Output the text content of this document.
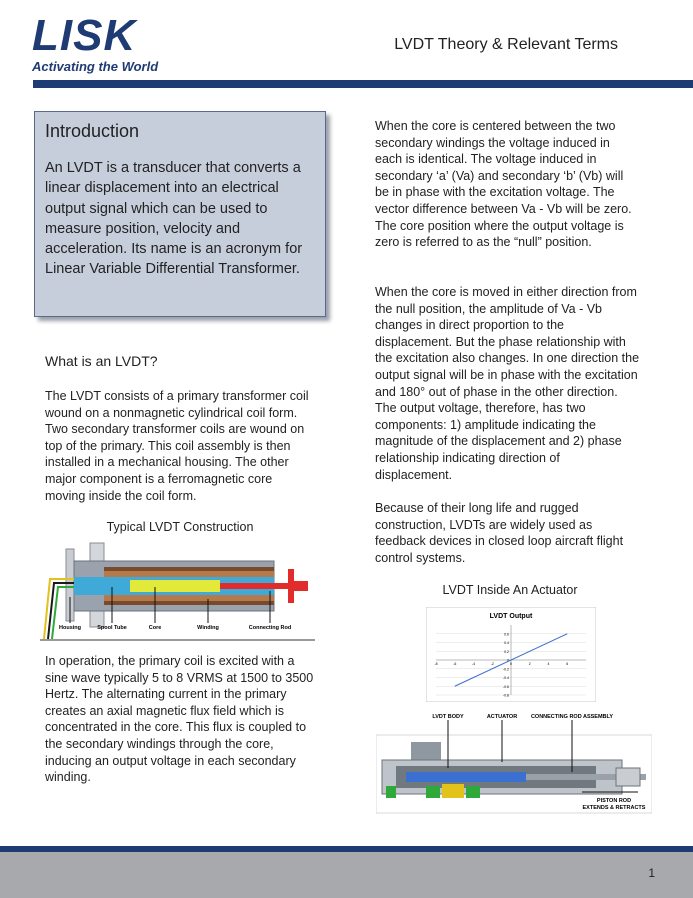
LISK
Activating the World
LVDT Theory & Relevant Terms
Introduction
An LVDT is a transducer that converts a linear displacement into an electrical output signal which can be used to measure position, velocity and acceleration. Its name is an acronym for Linear Variable Differential Transformer.
What is an LVDT?

The LVDT consists of a primary transformer coil wound on a nonmagnetic cylindrical coil form. Two secondary transformer coils are wound on top of the primary. This coil assembly is then installed in a mechanical housing. The other major component is a ferromagnetic core moving inside the coil form.

Typical LVDT Construction
Housing	Spool Tube	Core	Winding	Connecting Rod

In operation, the primary coil is excited with a sine wave typically 5 to 8 VRMS at 1500 to 3500 Hertz. The alternating current in the primary creates an axial magnetic flux field which is concentrated in the core. This flux is coupled to the secondary windings through the core, inducing an output voltage in each secondary winding.

When the core is centered between the two secondary windings the voltage induced in each is identical. The voltage induced in secondary ‘a’ (Va) and secondary ‘b’ (Vb) will be in phase with the excitation voltage. The vector difference between Va - Vb will be zero. The core position where the output voltage is zero is referred to as the “null” position.

When the core is moved in either direction from the null position, the amplitude of Va - Vb changes in direct proportion to the displacement. But the phase relationship with the excitation also changes. In one direction the output signal will be in phase with the excitation and 180° out of phase in the other direction. The output voltage, therefore, has two components: 1) amplitude indicating the magnitude of the displacement and 2) phase relationship indicating direction of displacement.

Because of their long life and rugged construction, LVDTs are widely used as feedback devices in closed loop aircraft flight control systems.

LVDT Inside An Actuator
LVDT Output
0.6
0.4
0.2
0
-0.2
-0.4
-0.6
-0.8
-8	-6	-4	-2	0	2	4	6
LVDT BODY	ACTUATOR	CONNECTING ROD ASSEMBLY
PISTON ROD
EXTENDS & RETRACTS
1
